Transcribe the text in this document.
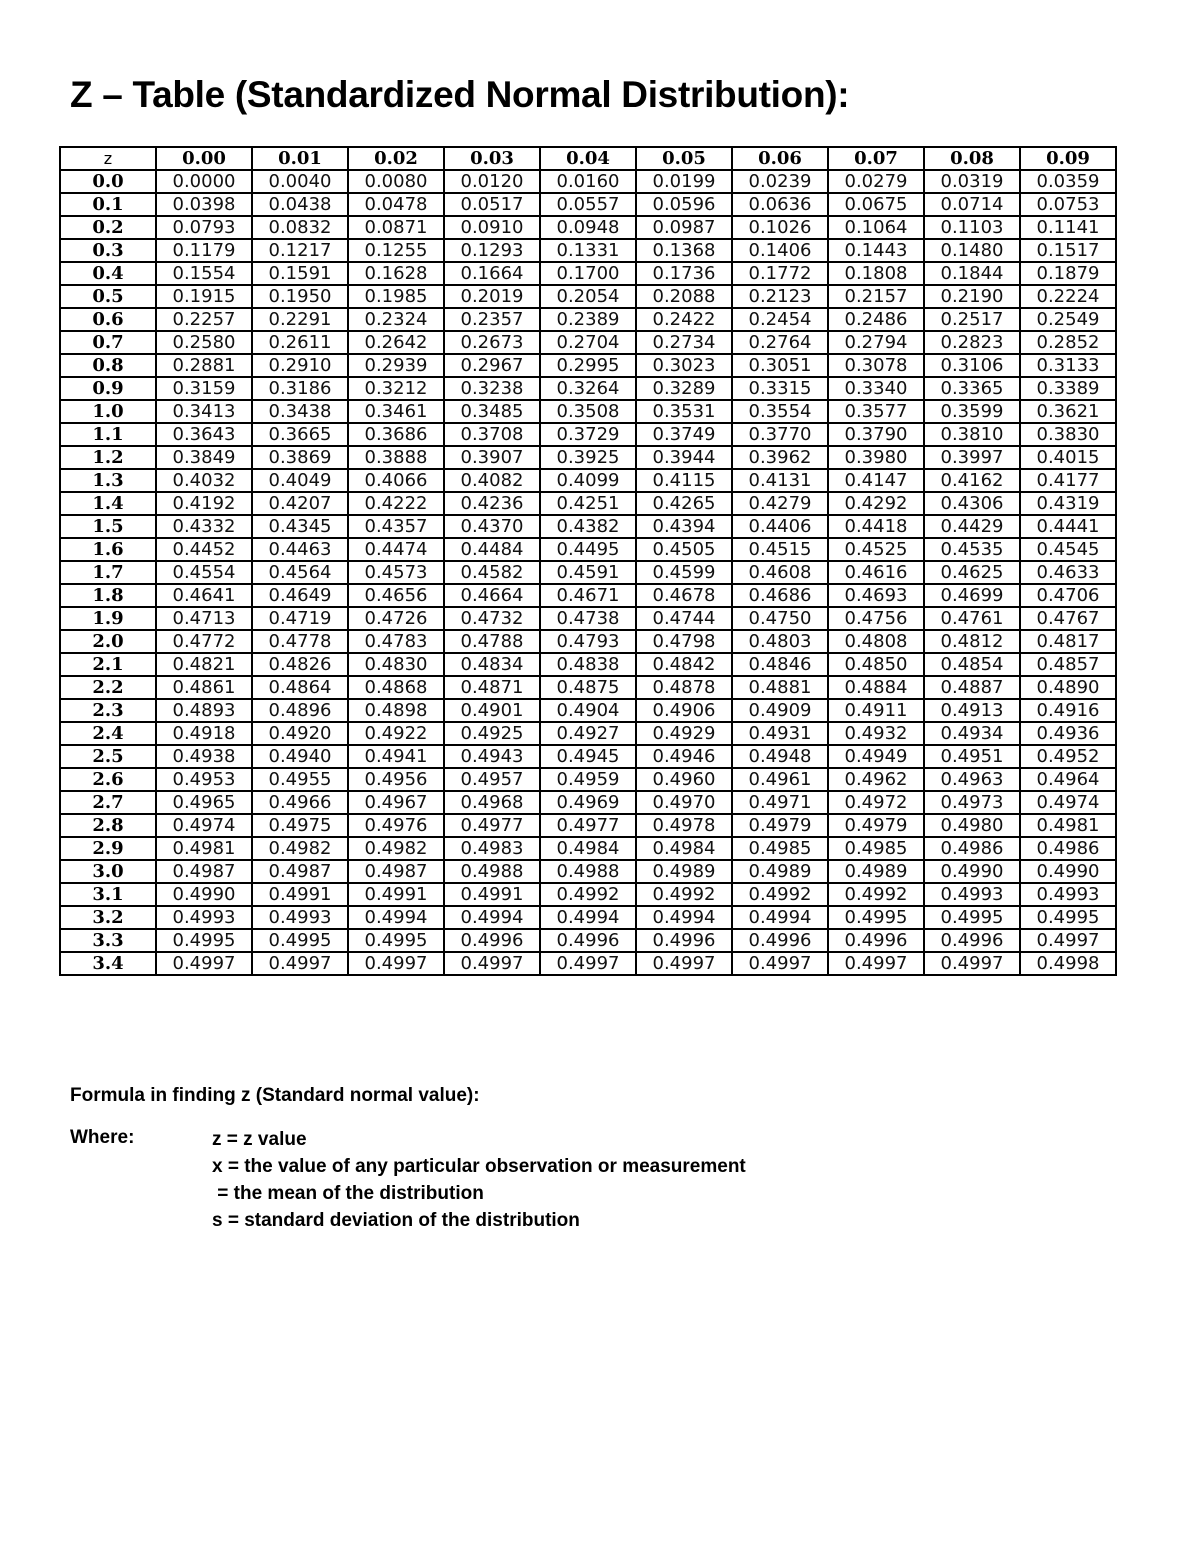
Z – Table (Standardized Normal Distribution):
z	0.00	0.01	0.02	0.03	0.04	0.05	0.06	0.07	0.08	0.09
0.0	0.0000	0.0040	0.0080	0.0120	0.0160	0.0199	0.0239	0.0279	0.0319	0.0359
0.1	0.0398	0.0438	0.0478	0.0517	0.0557	0.0596	0.0636	0.0675	0.0714	0.0753
0.2	0.0793	0.0832	0.0871	0.0910	0.0948	0.0987	0.1026	0.1064	0.1103	0.1141
0.3	0.1179	0.1217	0.1255	0.1293	0.1331	0.1368	0.1406	0.1443	0.1480	0.1517
0.4	0.1554	0.1591	0.1628	0.1664	0.1700	0.1736	0.1772	0.1808	0.1844	0.1879
0.5	0.1915	0.1950	0.1985	0.2019	0.2054	0.2088	0.2123	0.2157	0.2190	0.2224
0.6	0.2257	0.2291	0.2324	0.2357	0.2389	0.2422	0.2454	0.2486	0.2517	0.2549
0.7	0.2580	0.2611	0.2642	0.2673	0.2704	0.2734	0.2764	0.2794	0.2823	0.2852
0.8	0.2881	0.2910	0.2939	0.2967	0.2995	0.3023	0.3051	0.3078	0.3106	0.3133
0.9	0.3159	0.3186	0.3212	0.3238	0.3264	0.3289	0.3315	0.3340	0.3365	0.3389
1.0	0.3413	0.3438	0.3461	0.3485	0.3508	0.3531	0.3554	0.3577	0.3599	0.3621
1.1	0.3643	0.3665	0.3686	0.3708	0.3729	0.3749	0.3770	0.3790	0.3810	0.3830
1.2	0.3849	0.3869	0.3888	0.3907	0.3925	0.3944	0.3962	0.3980	0.3997	0.4015
1.3	0.4032	0.4049	0.4066	0.4082	0.4099	0.4115	0.4131	0.4147	0.4162	0.4177
1.4	0.4192	0.4207	0.4222	0.4236	0.4251	0.4265	0.4279	0.4292	0.4306	0.4319
1.5	0.4332	0.4345	0.4357	0.4370	0.4382	0.4394	0.4406	0.4418	0.4429	0.4441
1.6	0.4452	0.4463	0.4474	0.4484	0.4495	0.4505	0.4515	0.4525	0.4535	0.4545
1.7	0.4554	0.4564	0.4573	0.4582	0.4591	0.4599	0.4608	0.4616	0.4625	0.4633
1.8	0.4641	0.4649	0.4656	0.4664	0.4671	0.4678	0.4686	0.4693	0.4699	0.4706
1.9	0.4713	0.4719	0.4726	0.4732	0.4738	0.4744	0.4750	0.4756	0.4761	0.4767
2.0	0.4772	0.4778	0.4783	0.4788	0.4793	0.4798	0.4803	0.4808	0.4812	0.4817
2.1	0.4821	0.4826	0.4830	0.4834	0.4838	0.4842	0.4846	0.4850	0.4854	0.4857
2.2	0.4861	0.4864	0.4868	0.4871	0.4875	0.4878	0.4881	0.4884	0.4887	0.4890
2.3	0.4893	0.4896	0.4898	0.4901	0.4904	0.4906	0.4909	0.4911	0.4913	0.4916
2.4	0.4918	0.4920	0.4922	0.4925	0.4927	0.4929	0.4931	0.4932	0.4934	0.4936
2.5	0.4938	0.4940	0.4941	0.4943	0.4945	0.4946	0.4948	0.4949	0.4951	0.4952
2.6	0.4953	0.4955	0.4956	0.4957	0.4959	0.4960	0.4961	0.4962	0.4963	0.4964
2.7	0.4965	0.4966	0.4967	0.4968	0.4969	0.4970	0.4971	0.4972	0.4973	0.4974
2.8	0.4974	0.4975	0.4976	0.4977	0.4977	0.4978	0.4979	0.4979	0.4980	0.4981
2.9	0.4981	0.4982	0.4982	0.4983	0.4984	0.4984	0.4985	0.4985	0.4986	0.4986
3.0	0.4987	0.4987	0.4987	0.4988	0.4988	0.4989	0.4989	0.4989	0.4990	0.4990
3.1	0.4990	0.4991	0.4991	0.4991	0.4992	0.4992	0.4992	0.4992	0.4993	0.4993
3.2	0.4993	0.4993	0.4994	0.4994	0.4994	0.4994	0.4994	0.4995	0.4995	0.4995
3.3	0.4995	0.4995	0.4995	0.4996	0.4996	0.4996	0.4996	0.4996	0.4996	0.4997
3.4	0.4997	0.4997	0.4997	0.4997	0.4997	0.4997	0.4997	0.4997	0.4997	0.4998

Formula in finding z (Standard normal value):

Where:	z = z value
x = the value of any particular observation or measurement
= the mean of the distribution
s = standard deviation of the distribution
